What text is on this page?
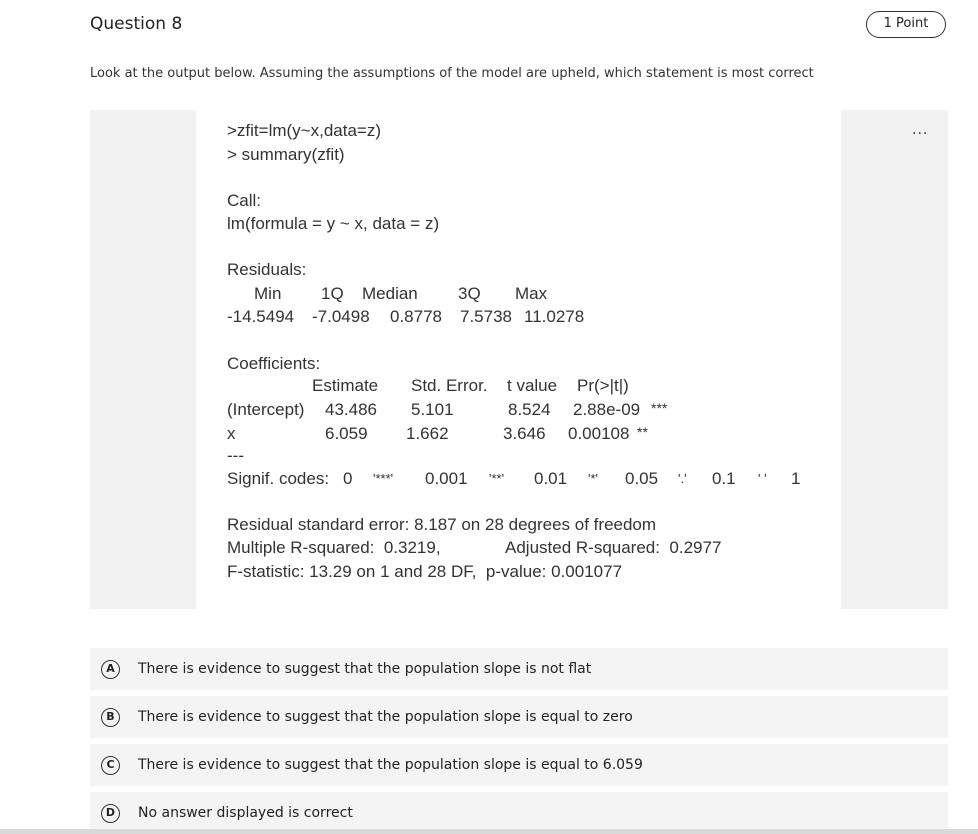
Question 8	1 Point
Look at the output below. Assuming the assumptions of the model are upheld, which statement is most correct
...
>zfit=lm(y~x,data=z)
> summary(zfit)
Call:
lm(formula = y ~ x, data = z)
Residuals:
Min 1Q Median 3Q Max
-14.5494 -7.0498 0.8778 7.5738 11.0278
Coefficients:
Estimate Std. Error. t value Pr(>|t|)
(Intercept) 43.486 5.101	8.524 2.88e-09 ***
x	6.059 1.662	3.646 0.00108 **
---
Signif. codes: 0 '***' 0.001 '**' 0.01 '*' 0.05 '.' 0.1 ' ' 1
Residual standard error: 8.187 on 28 degrees of freedom
Multiple R-squared:  0.3219,	Adjusted R-squared:  0.2977
F-statistic: 13.29 on 1 and 28 DF,  p-value: 0.001077
A	There is evidence to suggest that the population slope is not flat
B	There is evidence to suggest that the population slope is equal to zero
C	There is evidence to suggest that the population slope is equal to 6.059
D	No answer displayed is correct
